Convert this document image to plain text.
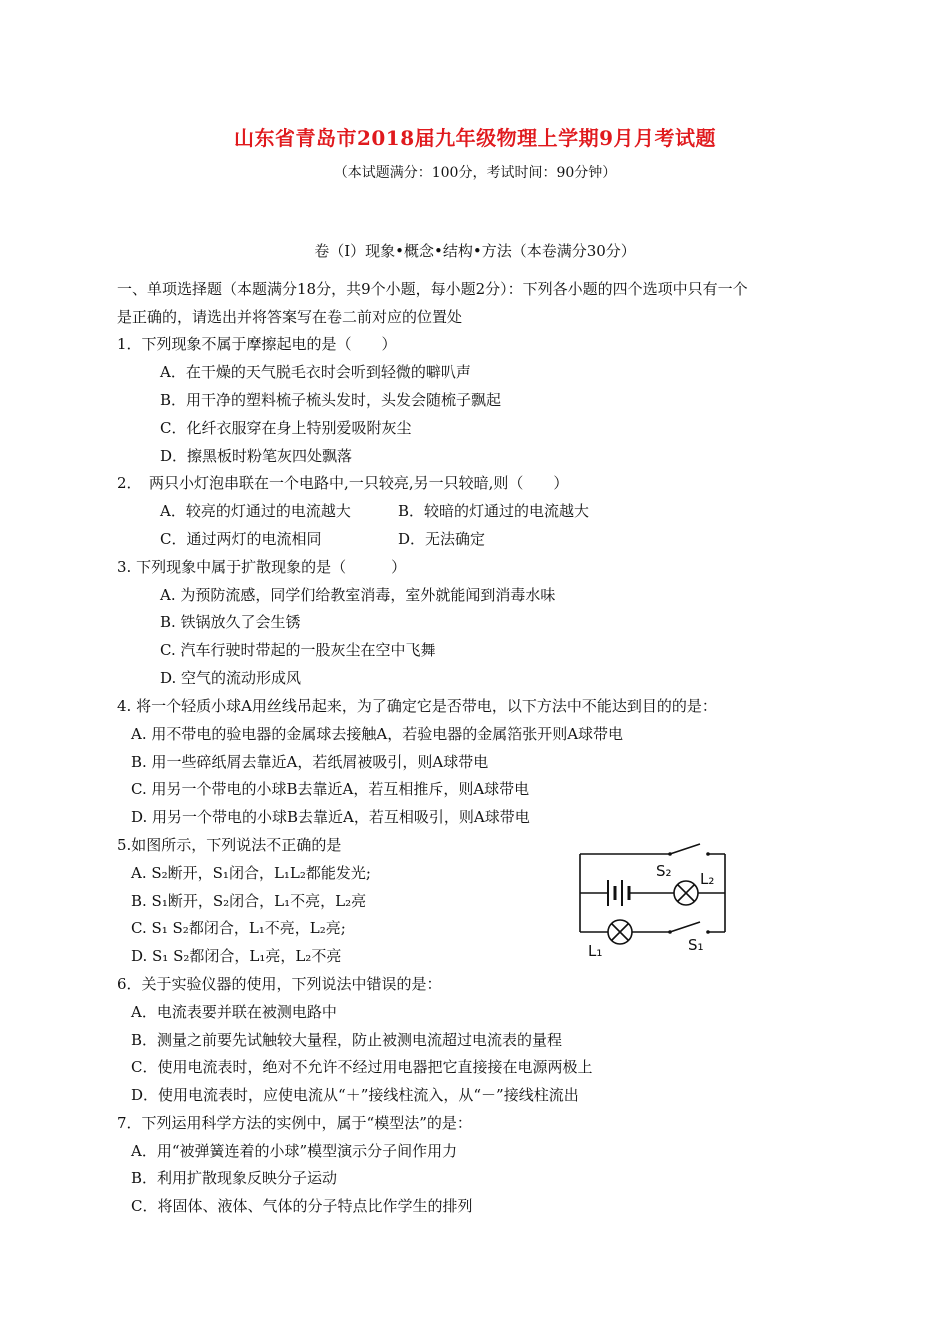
山东省青岛市2018届九年级物理上学期9月月考试题
（本试题满分：100分，考试时间：90分钟）
卷（Ⅰ）现象•概念•结构•方法（本卷满分30分）
一、单项选择题（本题满分18分，共9个小题，每小题2分）：下列各小题的四个选项中只有一个
是正确的，请选出并将答案写在卷二前对应的位置处
1．下列现象不属于摩擦起电的是（　　）
A．在干燥的天气脱毛衣时会听到轻微的噼叭声
B．用干净的塑料梳子梳头发时，头发会随梳子飘起
C．化纤衣服穿在身上特别爱吸附灰尘
D．擦黑板时粉笔灰四处飘落
2．　两只小灯泡串联在一个电路中,一只较亮,另一只较暗,则（　　）
A．较亮的灯通过的电流越大	B．较暗的灯通过的电流越大
C．通过两灯的电流相同	D．无法确定
3. 下列现象中属于扩散现象的是（　　　）
A. 为预防流感，同学们给教室消毒，室外就能闻到消毒水味
B. 铁锅放久了会生锈
C. 汽车行驶时带起的一股灰尘在空中飞舞
D. 空气的流动形成风
4. 将一个轻质小球A用丝线吊起来，为了确定它是否带电，以下方法中不能达到目的的是：
A. 用不带电的验电器的金属球去接触A，若验电器的金属箔张开则A球带电
B. 用一些碎纸屑去靠近A，若纸屑被吸引，则A球带电
C. 用另一个带电的小球B去靠近A，若互相推斥，则A球带电
D. 用另一个带电的小球B去靠近A，若互相吸引，则A球带电
5.如图所示，下列说法不正确的是
A. S₂断开，S₁闭合，L₁L₂都能发光;
B. S₁断开，S₂闭合，L₁不亮，L₂亮
C. S₁ S₂都闭合，L₁不亮，L₂亮;
D. S₁ S₂都闭合，L₁亮，L₂不亮
S₂ L₂
L₁	S₁
6．关于实验仪器的使用，下列说法中错误的是：
A．电流表要并联在被测电路中
B．测量之前要先试触较大量程，防止被测电流超过电流表的量程
C．使用电流表时，绝对不允许不经过用电器把它直接接在电源两极上
D．使用电流表时，应使电流从“＋”接线柱流入，从“－”接线柱流出
7．下列运用科学方法的实例中，属于“模型法”的是：
A．用“被弹簧连着的小球”模型演示分子间作用力
B．利用扩散现象反映分子运动
C．将固体、液体、气体的分子特点比作学生的排列
